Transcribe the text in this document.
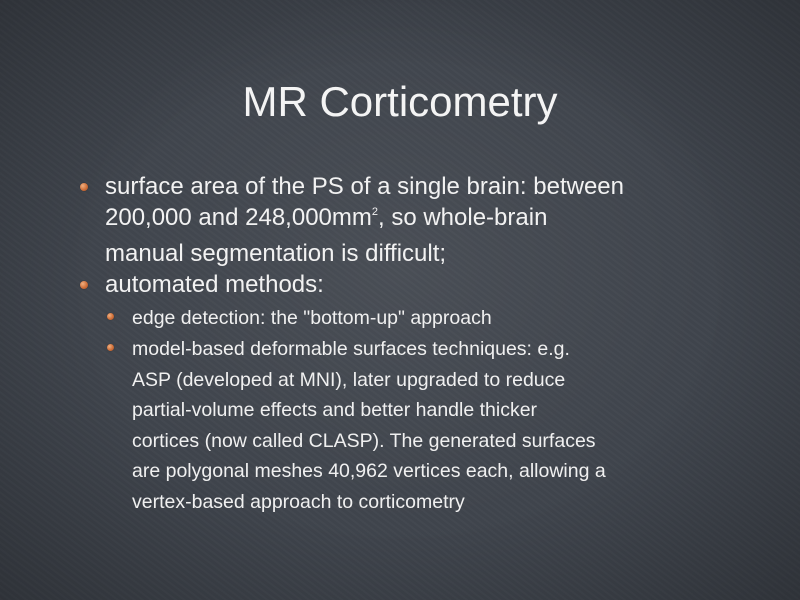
MR Corticometry
surface area of the PS of a single brain: between
200,000 and $248,000mm^2$, so whole-brain
manual segmentation is difficult;
automated methods:
edge detection: the "bottom-up" approach
model-based deformable surfaces techniques: e.g.
ASP (developed at MNI), later upgraded to reduce
partial-volume effects and better handle thicker
cortices (now called CLASP). The generated surfaces
are polygonal meshes 40,962 vertices each, allowing a
vertex-based approach to corticometry
